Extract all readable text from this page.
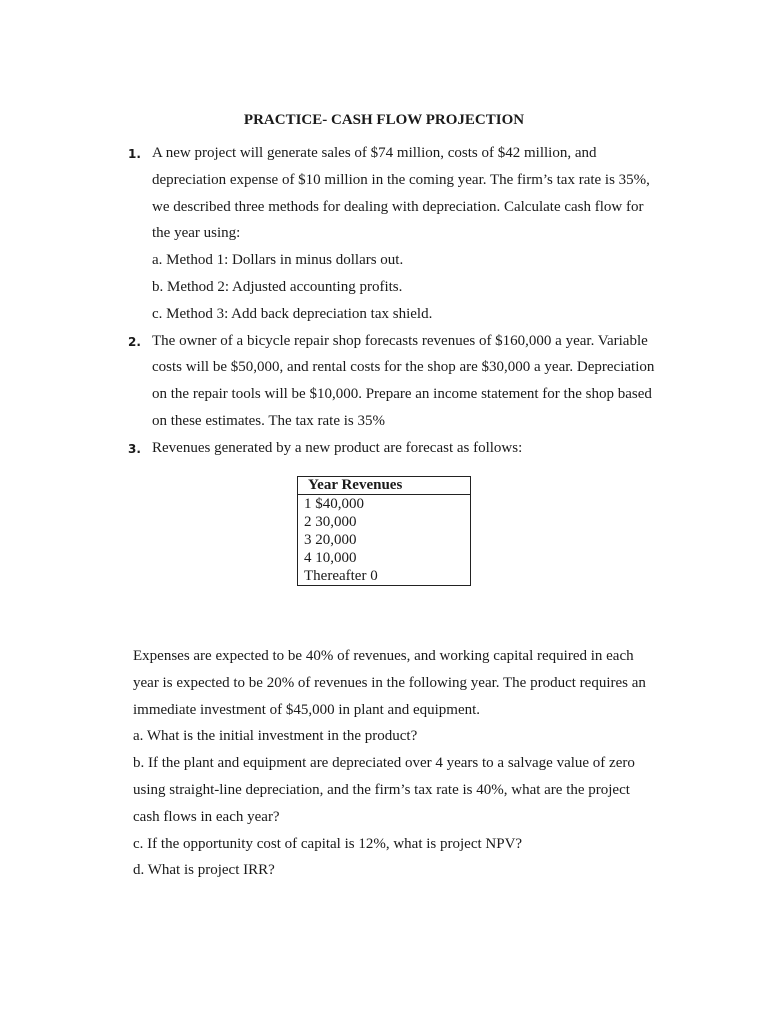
PRACTICE- CASH FLOW PROJECTION
1. A new project will generate sales of $74 million, costs of $42 million, and
depreciation expense of $10 million in the coming year. The firm’s tax rate is 35%,
we described three methods for dealing with depreciation. Calculate cash flow for
the year using:
a. Method 1: Dollars in minus dollars out.
b. Method 2: Adjusted accounting profits.
c. Method 3: Add back depreciation tax shield.
2. The owner of a bicycle repair shop forecasts revenues of $160,000 a year. Variable
costs will be $50,000, and rental costs for the shop are $30,000 a year. Depreciation
on the repair tools will be $10,000. Prepare an income statement for the shop based
on these estimates. The tax rate is 35%
3. Revenues generated by a new product are forecast as follows:
Year Revenues
1 $40,000
2 30,000
3 20,000
4 10,000
Thereafter 0
Expenses are expected to be 40% of revenues, and working capital required in each
year is expected to be 20% of revenues in the following year. The product requires an
immediate investment of $45,000 in plant and equipment.
a. What is the initial investment in the product?
b. If the plant and equipment are depreciated over 4 years to a salvage value of zero
using straight-line depreciation, and the firm’s tax rate is 40%, what are the project
cash flows in each year?
c. If the opportunity cost of capital is 12%, what is project NPV?
d. What is project IRR?
